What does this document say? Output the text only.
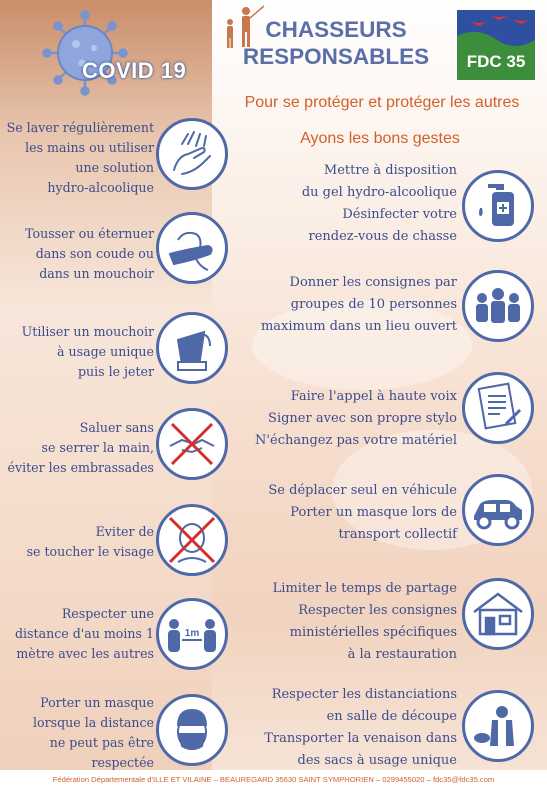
COVID 19
CHASSEURS
RESPONSABLES	FDC 35
Pour se protéger et protéger les autres
Ayons les bons gestes
Se laver régulièrement
les mains ou utiliser
une solution
hydro-alcoolique
Tousser ou éternuer
dans son coude ou
dans un mouchoir
Utiliser un mouchoir
à usage unique
puis le jeter
Saluer sans
se serrer la main,
éviter les embrassades
Eviter de
se toucher le visage
Respecter une
distance d'au moins 1
mètre avec les autres
1m
Porter un masque
lorsque la distance
ne peut pas être
respectée
Mettre à disposition
du gel hydro-alcoolique
Désinfecter votre
rendez-vous de chasse
Donner les consignes par
groupes de 10 personnes
maximum dans un lieu ouvert
Faire l'appel à haute voix
Signer avec son propre stylo
N'échangez pas votre matériel
Se déplacer seul en véhicule
Porter un masque lors de
transport collectif
Limiter le temps de partage
Respecter les consignes
ministérielles spécifiques
à la restauration
Respecter les distanciations
en salle de découpe
Transporter la venaison dans
des sacs à usage unique
Fédération Départementale d'ILLE ET VILAINE – BEAUREGARD 35630 SAINT SYMPHORIEN – 0299455020 – fdc35@fdc35.com
